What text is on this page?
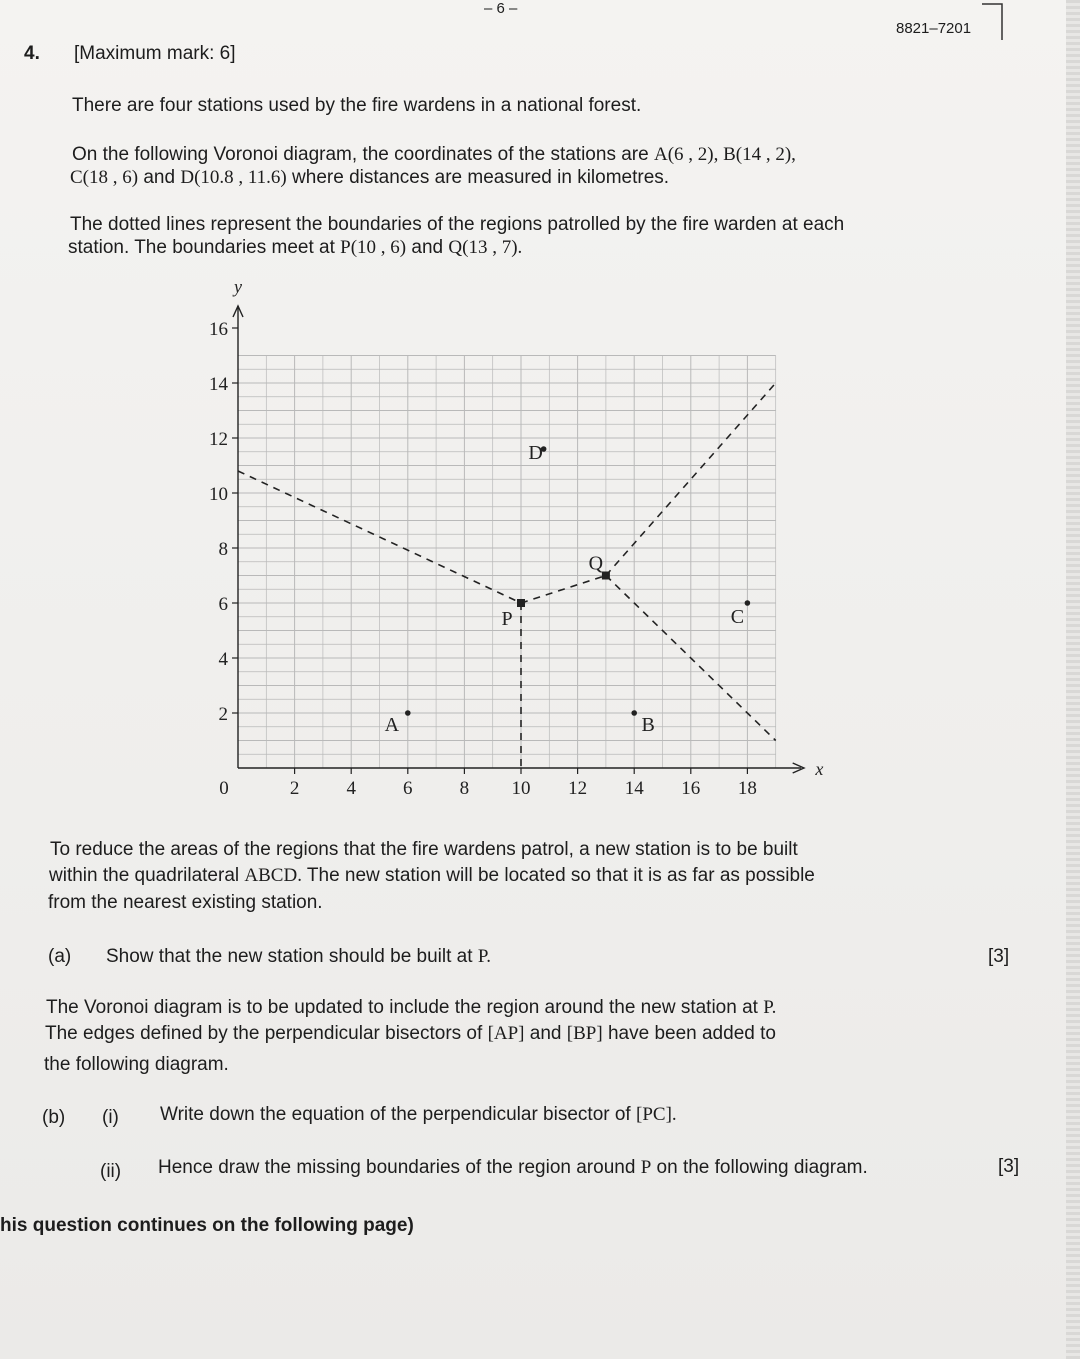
– 6 –
8821–7201
4. [Maximum mark: 6]
There are four stations used by the fire wardens in a national forest.
On the following Voronoi diagram, the coordinates of the stations are A(6 , 2), B(14 , 2),
C(18 , 6) and D(10.8 , 11.6) where distances are measured in kilometres.
The dotted lines represent the boundaries of the regions patrolled by the fire warden at each
station. The boundaries meet at P(10 , 6) and Q(13 , 7).
0	2 4 6 8 10 12 14 16 18
2
4
6
8
10
12
14
16
x
y
A	B
C
D
P
Q
To reduce the areas of the regions that the fire wardens patrol, a new station is to be built
within the quadrilateral ABCD. The new station will be located so that it is as far as possible
from the nearest existing station.
(a) Show that the new station should be built at P.	[3]
The Voronoi diagram is to be updated to include the region around the new station at P.
The edges defined by the perpendicular bisectors of [AP] and [BP] have been added to
the following diagram.
(b) (i) Write down the equation of the perpendicular bisector of [PC].
(ii) Hence draw the missing boundaries of the region around P on the following diagram.	[3]
his question continues on the following page)
